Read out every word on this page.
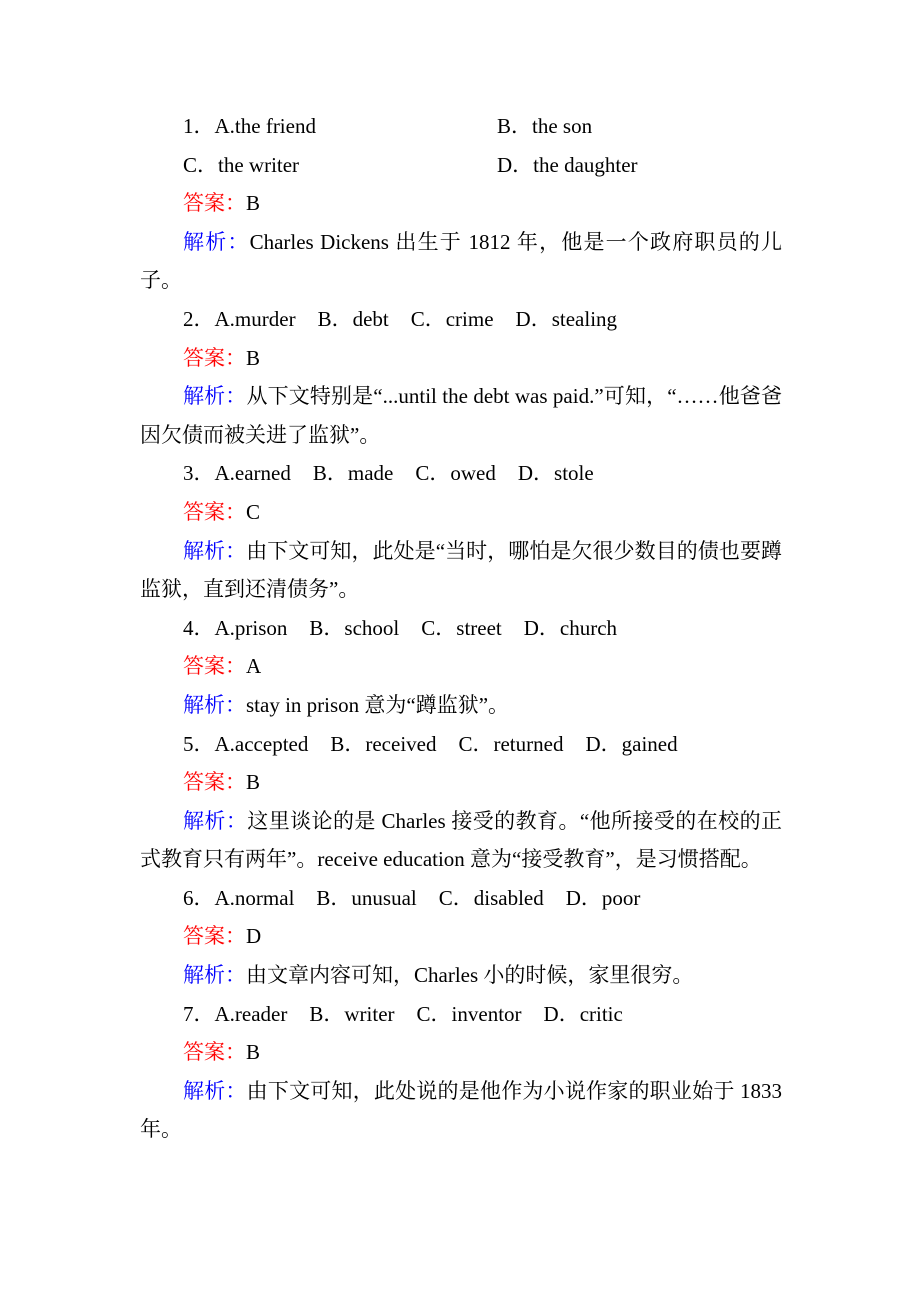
1．A.the friend	B．the son
C．the writer	D．the daughter

答案：B

解析：Charles Dickens 出生于 1812 年，他是一个政府职员的儿子。

2．A.murder B．debt C．crime D．stealing

答案：B

解析：从下文特别是“...until the debt was paid.”可知，“……他爸爸因欠债而被关进了监狱”。

3．A.earned B．made C．owed D．stole

答案：C

解析：由下文可知，此处是“当时，哪怕是欠很少数目的债也要蹲监狱，直到还清债务”。

4．A.prison B．school C．street D．church

答案：A

解析：stay in prison 意为“蹲监狱”。

5．A.accepted B．received C．returned D．gained

答案：B

解析：这里谈论的是 Charles 接受的教育。“他所接受的在校的正式教育只有两年”。receive education 意为“接受教育”，是习惯搭配。

6．A.normal B．unusual C．disabled D．poor

答案：D

解析：由文章内容可知，Charles 小的时候，家里很穷。

7．A.reader B．writer C．inventor D．critic

答案：B

解析：由下文可知，此处说的是他作为小说作家的职业始于 1833 年。
